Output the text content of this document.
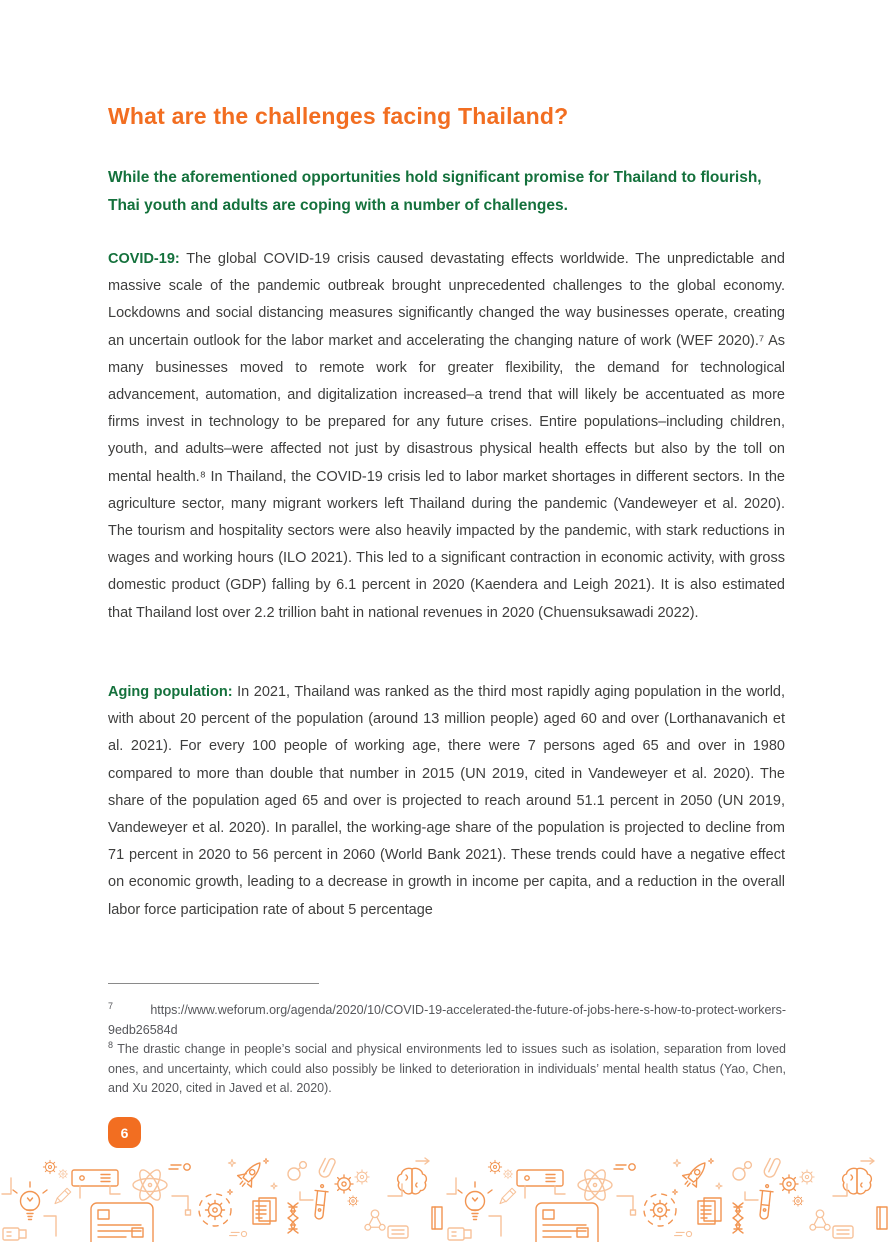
What are the challenges facing Thailand?

While the aforementioned opportunities hold significant promise for Thailand to flourish, Thai youth and adults are coping with a number of challenges.

COVID-19: The global COVID-19 crisis caused devastating effects worldwide. The unpredictable and massive scale of the pandemic outbreak brought unprecedented challenges to the global economy. Lockdowns and social distancing measures significantly changed the way businesses operate, creating an uncertain outlook for the labor market and accelerating the changing nature of work (WEF 2020).⁷ As many businesses moved to remote work for greater flexibility, the demand for technological advancement, automation, and digitalization increased–a trend that will likely be accentuated as more firms invest in technology to be prepared for any future crises. Entire populations–including children, youth, and adults–were affected not just by disastrous physical health effects but also by the toll on mental health.⁸ In Thailand, the COVID-19 crisis led to labor market shortages in different sectors. In the agriculture sector, many migrant workers left Thailand during the pandemic (Vandeweyer et al. 2020). The tourism and hospitality sectors were also heavily impacted by the pandemic, with stark reductions in wages and working hours (ILO 2021). This led to a significant contraction in economic activity, with gross domestic product (GDP) falling by 6.1 percent in 2020 (Kaendera and Leigh 2021). It is also estimated that Thailand lost over 2.2 trillion baht in national revenues in 2020 (Chuensuksawadi 2022).

Aging population: In 2021, Thailand was ranked as the third most rapidly aging population in the world, with about 20 percent of the population (around 13 million people) aged 60 and over (Lorthanavanich et al. 2021). For every 100 people of working age, there were 7 persons aged 65 and over in 1980 compared to more than double that number in 2015 (UN 2019, cited in Vandeweyer et al. 2020). The share of the population aged 65 and over is projected to reach around 51.1 percent in 2050 (UN 2019, Vandeweyer et al. 2020). In parallel, the working-age share of the population is projected to decline from 71 percent in 2020 to 56 percent in 2060 (World Bank 2021). These trends could have a negative effect on economic growth, leading to a decrease in growth in income per capita, and a reduction in the overall labor force participation rate of about 5 percentage

$^7$	https://www.weforum.org/agenda/2020/10/COVID-19-accelerated-the-future-of-jobs-here-s-how-to-protect-workers-9edb26584d

$^8$ The drastic change in people’s social and physical environments led to issues such as isolation, separation from loved ones, and uncertainty, which could also possibly be linked to deterioration in individuals’ mental health status (Yao, Chen, and Xu 2020, cited in Javed et al. 2020).

6
